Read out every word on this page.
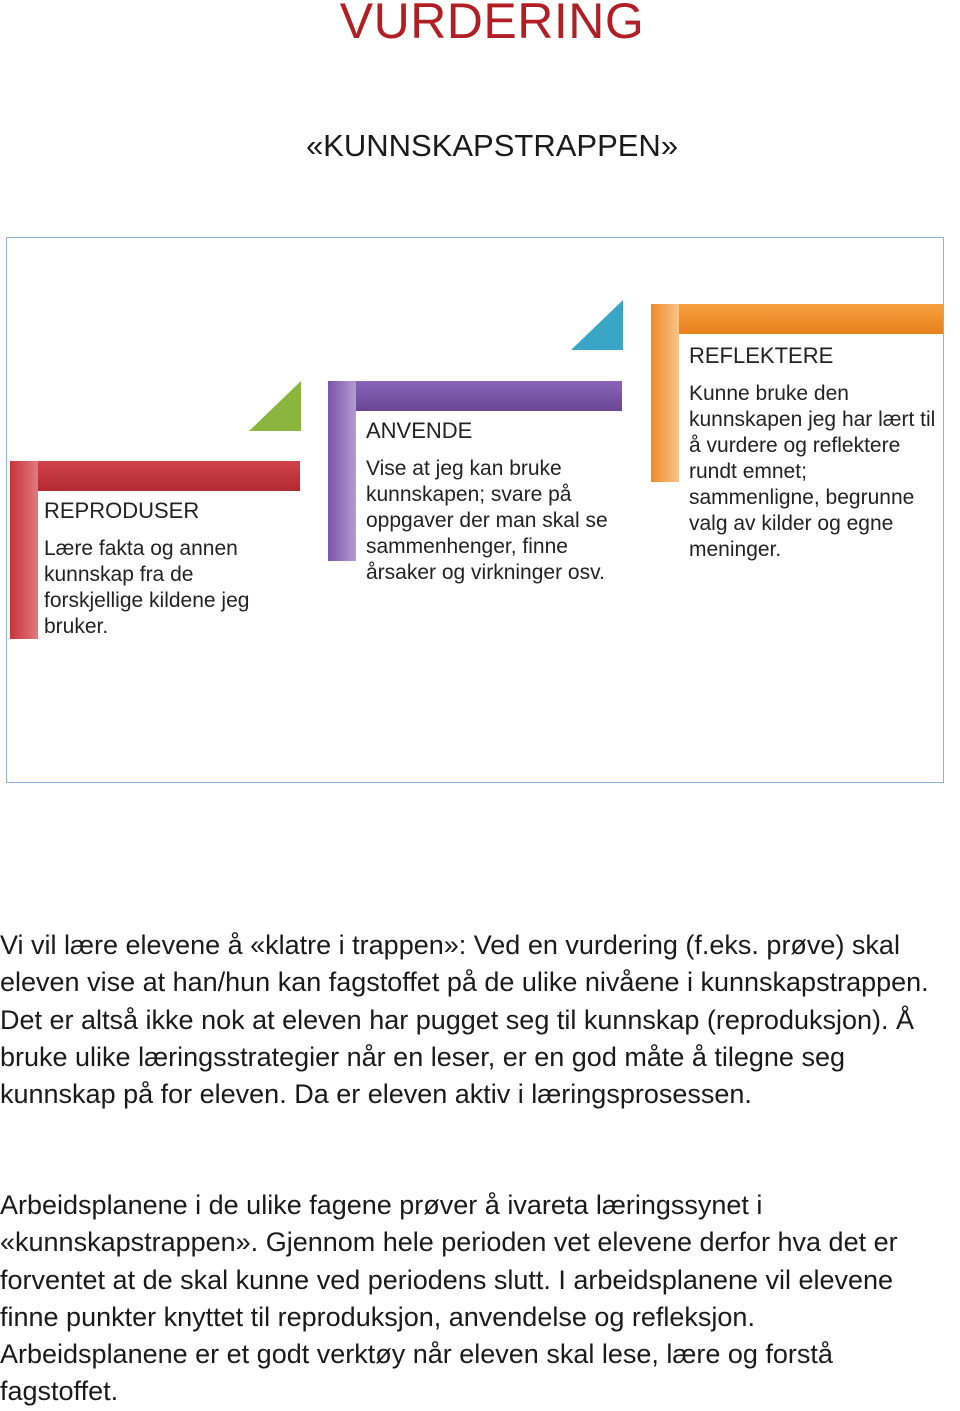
VURDERING
«KUNNSKAPSTRAPPEN»
REPRODUSER
Lære fakta og annen kunnskap fra de forskjellige kildene jeg bruker.
ANVENDE
Vise at jeg kan bruke kunnskapen; svare på oppgaver der man skal se sammenhenger, finne årsaker og virkninger osv.
REFLEKTERE
Kunne bruke den kunnskapen jeg har lært til å vurdere og reflektere rundt emnet; sammenligne, begrunne valg av kilder og egne meninger.

Vi vil lære elevene å «klatre i trappen»: Ved en vurdering (f.eks. prøve) skal

eleven vise at han/hun kan fagstoffet på de ulike nivåene i kunnskapstrappen.

Det er altså ikke nok at eleven har pugget seg til kunnskap (reproduksjon). Å

bruke ulike læringsstrategier når en leser, er en god måte å tilegne seg

kunnskap på for eleven. Da er eleven aktiv i læringsprosessen.

Arbeidsplanene i de ulike fagene prøver å ivareta læringssynet i

«kunnskapstrappen». Gjennom hele perioden vet elevene derfor hva det er

forventet at de skal kunne ved periodens slutt. I arbeidsplanene vil elevene

finne punkter knyttet til reproduksjon, anvendelse og refleksjon.

Arbeidsplanene er et godt verktøy når eleven skal lese, lære og forstå

fagstoffet.
